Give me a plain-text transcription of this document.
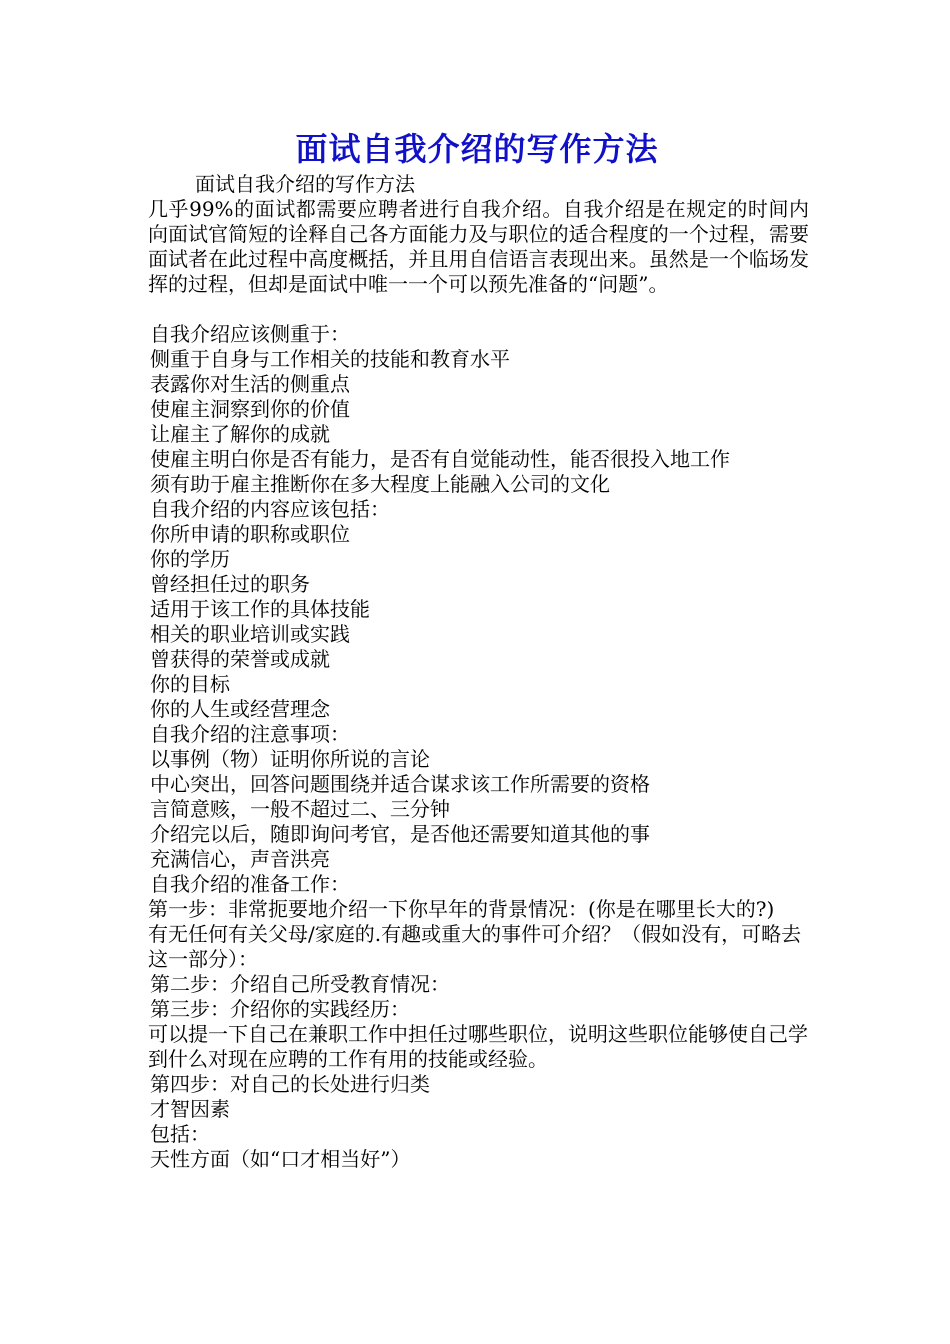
面试自我介绍的写作方法

面试自我介绍的写作方法

几乎99%的面试都需要应聘者进行自我介绍。自我介绍是在规定的时间内向面试官简短的诠释自己各方面能力及与职位的适合程度的一个过程，需要面试者在此过程中高度概括，并且用自信语言表现出来。虽然是一个临场发挥的过程，但却是面试中唯一一个可以预先准备的“问题”。

自我介绍应该侧重于：

侧重于自身与工作相关的技能和教育水平

表露你对生活的侧重点

使雇主洞察到你的价值

让雇主了解你的成就

使雇主明白你是否有能力，是否有自觉能动性，能否很投入地工作

须有助于雇主推断你在多大程度上能融入公司的文化

自我介绍的内容应该包括：

你所申请的职称或职位

你的学历

曾经担任过的职务

适用于该工作的具体技能

相关的职业培训或实践

曾获得的荣誉或成就

你的目标

你的人生或经营理念

自我介绍的注意事项：

以事例（物）证明你所说的言论

中心突出，回答问题围绕并适合谋求该工作所需要的资格

言简意赅，一般不超过二、三分钟

介绍完以后，随即询问考官，是否他还需要知道其他的事

充满信心，声音洪亮

自我介绍的准备工作：

第一步：非常扼要地介绍一下你早年的背景情况：(你是在哪里长大的?)

有无任何有关父母/家庭的.有趣或重大的事件可介绍？（假如没有，可略去这一部分）：

第二步：介绍自己所受教育情况：

第三步：介绍你的实践经历：

可以提一下自己在兼职工作中担任过哪些职位，说明这些职位能够使自己学到什么对现在应聘的工作有用的技能或经验。

第四步：对自己的长处进行归类

才智因素

包括：

天性方面（如“口才相当好”）
